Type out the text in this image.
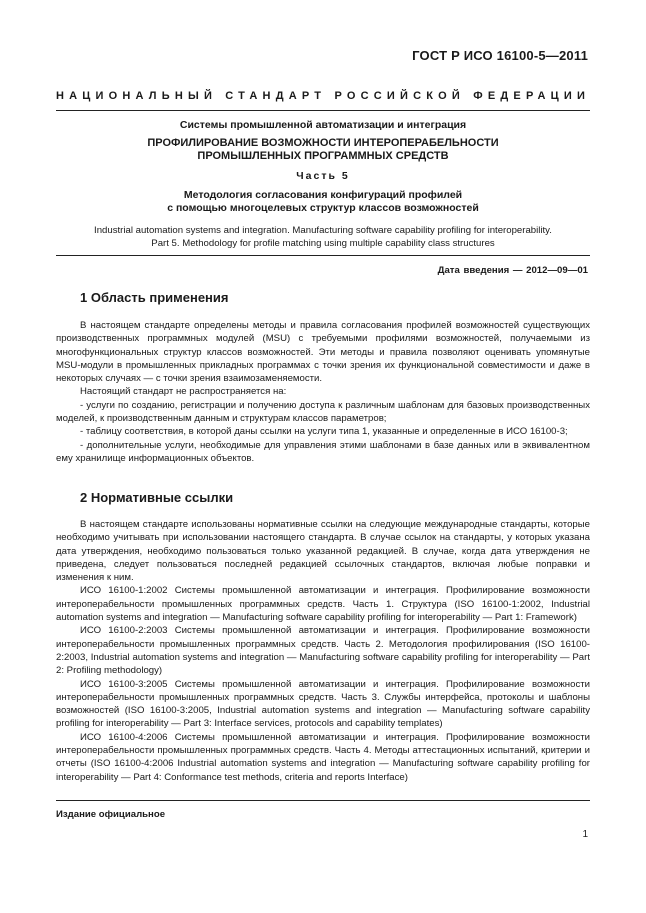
ГОСТ Р ИСО 16100-5—2011
НАЦИОНАЛЬНЫЙ СТАНДАРТ РОССИЙСКОЙ ФЕДЕРАЦИИ
Системы промышленной автоматизации и интеграция
ПРОФИЛИРОВАНИЕ ВОЗМОЖНОСТИ ИНТЕРОПЕРАБЕЛЬНОСТИ
ПРОМЫШЛЕННЫХ ПРОГРАММНЫХ СРЕДСТВ
Часть 5
Методология согласования конфигураций профилей
с помощью многоцелевых структур классов возможностей
Industrial automation systems and integration. Manufacturing software capability profiling for interoperability.
Part 5. Methodology for profile matching using multiple capability class structures
Дата введения — 2012—09—01
1 Область применения

В настоящем стандарте определены методы и правила согласования профилей возможностей существующих производственных программных модулей (MSU) с требуемыми профилями возможностей, получаемыми из многофункциональных структур классов возможностей. Эти методы и правила позволяют оценивать упомянутые MSU-модули в промышленных прикладных программах с точки зрения их функциональной совместимости и даже в некоторых случаях — с точки зрения взаимозаменяемости.

Настоящий стандарт не распространяется на:

- услуги по созданию, регистрации и получению доступа к различным шаблонам для базовых производственных моделей, к производственным данным и структурам классов параметров;

- таблицу соответствия, в которой даны ссылки на услуги типа 1, указанные и определенные в ИСО 16100-3;

- дополнительные услуги, необходимые для управления этими шаблонами в базе данных или в эквивалентном ему хранилище информационных объектов.

2 Нормативные ссылки

В настоящем стандарте использованы нормативные ссылки на следующие международные стандарты, которые необходимо учитывать при использовании настоящего стандарта. В случае ссылок на стандарты, у которых указана дата утверждения, необходимо пользоваться только указанной редакцией. В случае, когда дата утверждения не приведена, следует пользоваться последней редакцией ссылочных стандартов, включая любые поправки и изменения к ним.

ИСО 16100-1:2002 Системы промышленной автоматизации и интеграция. Профилирование возможности интероперабельности промышленных программных средств. Часть 1. Структура (ISO 16100-1:2002, Industrial automation systems and integration — Manufacturing software capability profiling for interoperability — Part 1: Framework)

ИСО 16100-2:2003 Системы промышленной автоматизации и интеграция. Профилирование возможности интероперабельности промышленных программных средств. Часть 2. Методология профилирования (ISO 16100-2:2003, Industrial automation systems and integration — Manufacturing software capability profiling for interoperability — Part 2: Profiling methodology)

ИСО 16100-3:2005 Системы промышленной автоматизации и интеграция. Профилирование возможности интероперабельности промышленных программных средств. Часть 3. Службы интерфейса, протоколы и шаблоны возможностей (ISO 16100-3:2005, Industrial automation systems and integration — Manufacturing software capability profiling for interoperability — Part 3: Interface services, protocols and capability templates)

ИСО 16100-4:2006 Системы промышленной автоматизации и интеграция. Профилирование возможности интероперабельности промышленных программных средств. Часть 4. Методы аттестационных испытаний, критерии и отчеты (ISO 16100-4:2006 Industrial automation systems and integration — Manufacturing software capability profiling for interoperability — Part 4: Conformance test methods, criteria and reports Interface)

Издание официальное
1
